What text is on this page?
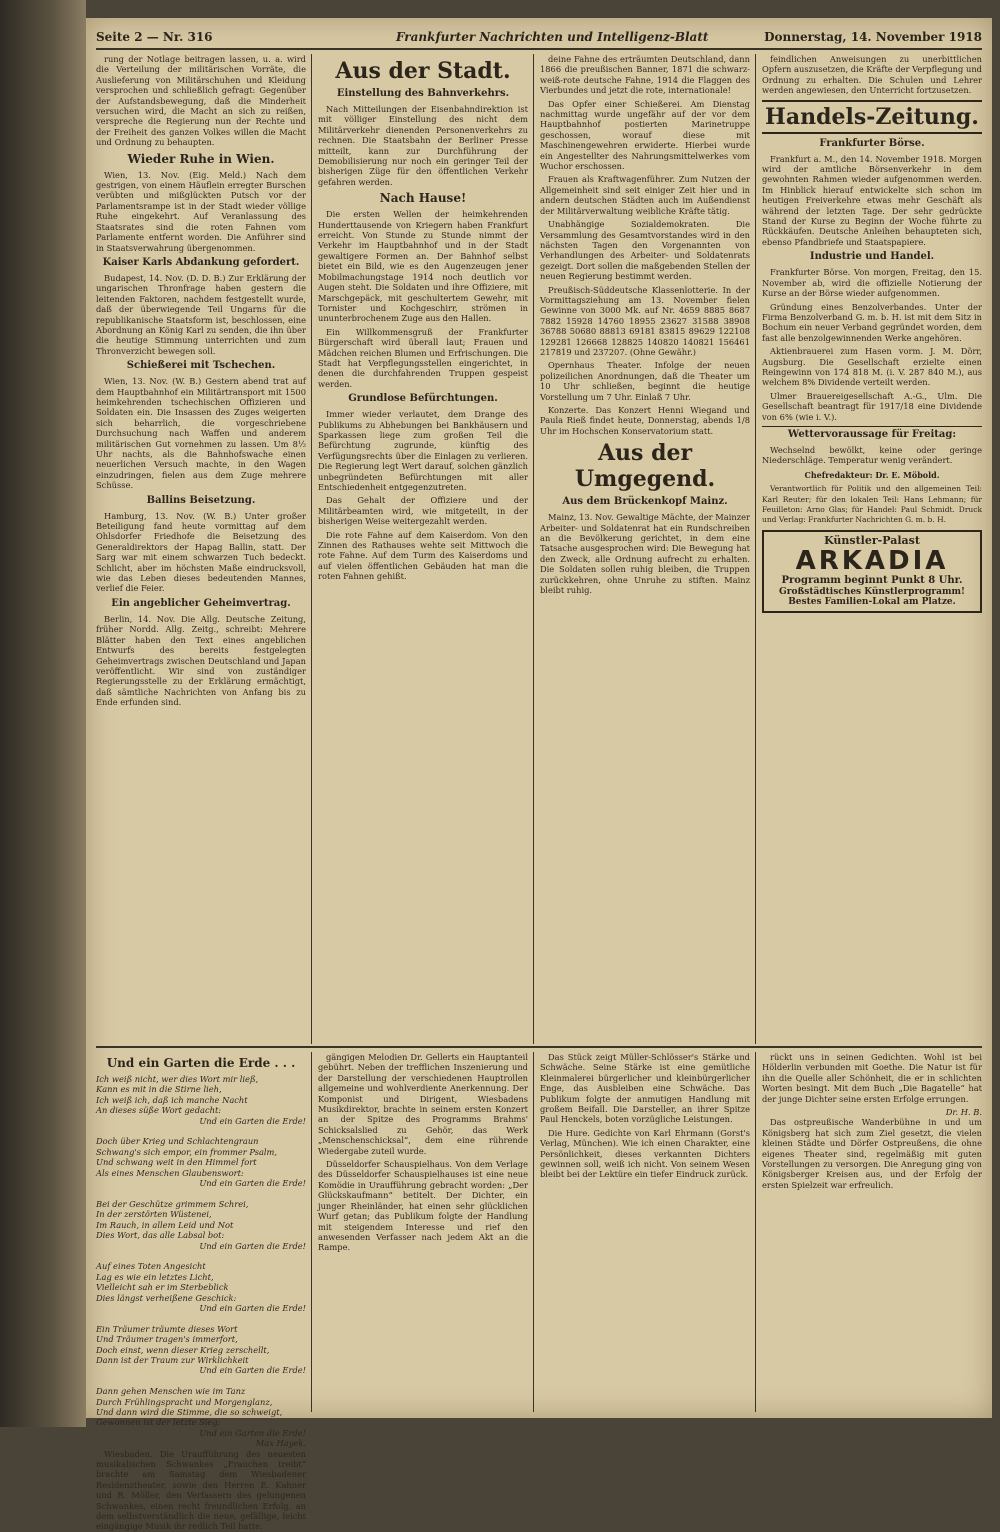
Seite 2 — Nr. 316	Frankfurter Nachrichten und Intelligenz-Blatt	Donnerstag, 14. November 1918

rung der Notlage beitragen lassen, u. a. wird die Verteilung der militärischen Vorräte, die Auslieferung von Militärschuhen und Kleidung versprochen und schließlich gefragt: Gegenüber der Aufstandsbewegung, daß die Minderheit versuchen wird, die Macht an sich zu reißen, verspreche die Regierung nun der Rechte und der Freiheit des ganzen Volkes willen die Macht und Ordnung zu behaupten.

Wieder Ruhe in Wien.

Wien, 13. Nov. (Eig. Meld.) Nach dem gestrigen, von einem Häuflein erregter Burschen verübten und mißglückten Putsch vor der Parlamentsrampe ist in der Stadt wieder völlige Ruhe eingekehrt. Auf Veranlassung des Staatsrates sind die roten Fahnen vom Parlamente entfernt worden. Die Anführer sind in Staatsverwahrung übergenommen.

Kaiser Karls Abdankung gefordert.

Budapest, 14. Nov. (D. D. B.) Zur Erklärung der ungarischen Thronfrage haben gestern die leitenden Faktoren, nachdem festgestellt wurde, daß der überwiegende Teil Ungarns für die republikanische Staatsform ist, beschlossen, eine Abordnung an König Karl zu senden, die ihn über die heutige Stimmung unterrichten und zum Thronverzicht bewegen soll.

Schießerei mit Tschechen.

Wien, 13. Nov. (W. B.) Gestern abend trat auf dem Hauptbahnhof ein Militärtransport mit 1500 heimkehrenden tschechischen Offizieren und Soldaten ein. Die Insassen des Zuges weigerten sich beharrlich, die vorgeschriebene Durchsuchung nach Waffen und anderem militärischen Gut vornehmen zu lassen. Um 8½ Uhr nachts, als die Bahnhofswache einen neuerlichen Versuch machte, in den Wagen einzudringen, fielen aus dem Zuge mehrere Schüsse.

Ballins Beisetzung.

Hamburg, 13. Nov. (W. B.) Unter großer Beteiligung fand heute vormittag auf dem Ohlsdorfer Friedhofe die Beisetzung des Generaldirektors der Hapag Ballin, statt. Der Sarg war mit einem schwarzen Tuch bedeckt. Schlicht, aber im höchsten Maße eindrucksvoll, wie das Leben dieses bedeutenden Mannes, verlief die Feier.

Ein angeblicher Geheimvertrag.

Berlin, 14. Nov. Die Allg. Deutsche Zeitung, früher Nordd. Allg. Zeitg., schreibt: Mehrere Blätter haben den Text eines angeblichen Entwurfs des bereits festgelegten Geheimvertrags zwischen Deutschland und Japan veröffentlicht. Wir sind von zuständiger Regierungsstelle zu der Erklärung ermächtigt, daß sämtliche Nachrichten von Anfang bis zu Ende erfunden sind.

Aus der Stadt.
Einstellung des Bahnverkehrs.

Nach Mitteilungen der Eisenbahndirektion ist mit völliger Einstellung des nicht dem Militärverkehr dienenden Personenverkehrs zu rechnen. Die Staatsbahn der Berliner Presse mitteilt, kann zur Durchführung der Demobilisierung nur noch ein geringer Teil der bisherigen Züge für den öffentlichen Verkehr gefahren werden.

Nach Hause!

Die ersten Wellen der heimkehrenden Hunderttausende von Kriegern haben Frankfurt erreicht. Von Stunde zu Stunde nimmt der Verkehr im Hauptbahnhof und in der Stadt gewaltigere Formen an. Der Bahnhof selbst bietet ein Bild, wie es den Augenzeugen jener Mobilmachungstage 1914 noch deutlich vor Augen steht. Die Soldaten und ihre Offiziere, mit Marschgepäck, mit geschultertem Gewehr, mit Tornister und Kochgeschirr, strömen in ununterbrochenem Zuge aus den Hallen.

Ein Willkommensgruß der Frankfurter Bürgerschaft wird überall laut; Frauen und Mädchen reichen Blumen und Erfrischungen. Die Stadt hat Verpflegungsstellen eingerichtet, in denen die durchfahrenden Truppen gespeist werden.

Grundlose Befürchtungen.

Immer wieder verlautet, dem Drange des Publikums zu Abhebungen bei Bankhäusern und Sparkassen liege zum großen Teil die Befürchtung zugrunde, künftig des Verfügungsrechts über die Einlagen zu verlieren. Die Regierung legt Wert darauf, solchen gänzlich unbegründeten Befürchtungen mit aller Entschiedenheit entgegenzutreten.

Das Gehalt der Offiziere und der Militärbeamten wird, wie mitgeteilt, in der bisherigen Weise weitergezahlt werden.

Die rote Fahne auf dem Kaiserdom. Von den Zinnen des Rathauses wehte seit Mittwoch die rote Fahne. Auf dem Turm des Kaiserdoms und auf vielen öffentlichen Gebäuden hat man die roten Fahnen gehißt.

deine Fahne des erträumten Deutschland, dann 1866 die preußischen Banner, 1871 die schwarz-weiß-rote deutsche Fahne, 1914 die Flaggen des Vierbundes und jetzt die rote, internationale!

Das Opfer einer Schießerei. Am Dienstag nachmittag wurde ungefähr auf der vor dem Hauptbahnhof postierten Marinetruppe geschossen, worauf diese mit Maschinengewehren erwiderte. Hierbei wurde ein Angestellter des Nahrungsmittelwerkes vom Wuchor erschossen.

Frauen als Kraftwagenführer. Zum Nutzen der Allgemeinheit sind seit einiger Zeit hier und in andern deutschen Städten auch im Außendienst der Militärverwaltung weibliche Kräfte tätig.

Unabhängige Sozialdemokraten. Die Versammlung des Gesamtvorstandes wird in den nächsten Tagen den Vorgenannten von Verhandlungen des Arbeiter- und Soldatenrats gezeigt. Dort sollen die maßgebenden Stellen der neuen Regierung bestimmt werden.

Preußisch-Süddeutsche Klassenlotterie. In der Vormittagsziehung am 13. November fielen Gewinne von 3000 Mk. auf Nr. 4659 8885 8687 7882 15928 14760 18955 23627 31588 38908 36788 50680 88813 69181 83815 89629 122108 129281 126668 128825 140820 140821 156461 217819 und 237207. (Ohne Gewähr.)

Opernhaus Theater. Infolge der neuen polizeilichen Anordnungen, daß die Theater um 10 Uhr schließen, beginnt die heutige Vorstellung um 7 Uhr. Einlaß 7 Uhr.

Konzerte. Das Konzert Henni Wiegand und Paula Rieß findet heute, Donnerstag, abends 1/8 Uhr im Hochschen Konservatorium statt.

Aus der Umgegend.
Aus dem Brückenkopf Mainz.

Mainz, 13. Nov. Gewaltige Mächte, der Mainzer Arbeiter- und Soldatenrat hat ein Rundschreiben an die Bevölkerung gerichtet, in dem eine Tatsache ausgesprochen wird: Die Bewegung hat den Zweck, alle Ordnung aufrecht zu erhalten. Die Soldaten sollen ruhig bleiben, die Truppen zurückkehren, ohne Unruhe zu stiften. Mainz bleibt ruhig.

feindlichen Anweisungen zu unerbittlichen Opfern auszusetzen, die Kräfte der Verpflegung und Ordnung zu erhalten. Die Schulen und Lehrer werden angewiesen, den Unterricht fortzusetzen.

Handels-Zeitung.
Frankfurter Börse.

Frankfurt a. M., den 14. November 1918. Morgen wird der amtliche Börsenverkehr in dem gewohnten Rahmen wieder aufgenommen werden. Im Hinblick hierauf entwickelte sich schon im heutigen Freiverkehre etwas mehr Geschäft als während der letzten Tage. Der sehr gedrückte Stand der Kurse zu Beginn der Woche führte zu Rückkäufen. Deutsche Anleihen behaupteten sich, ebenso Pfandbriefe und Staatspapiere.

Industrie und Handel.

Frankfurter Börse. Von morgen, Freitag, den 15. November ab, wird die offizielle Notierung der Kurse an der Börse wieder aufgenommen.

Gründung eines Benzolverbandes. Unter der Firma Benzolverband G. m. b. H. ist mit dem Sitz in Bochum ein neuer Verband gegründet worden, dem fast alle benzolgewinnenden Werke angehören.

Aktienbrauerei zum Hasen vorm. J. M. Dörr, Augsburg. Die Gesellschaft erzielte einen Reingewinn von 174 818 M. (i. V. 287 840 M.), aus welchem 8% Dividende verteilt werden.

Ulmer Brauereigesellschaft A.-G., Ulm. Die Gesellschaft beantragt für 1917/18 eine Dividende von 6% (wie i. V.).

Wettervoraussage für Freitag:

Wechselnd bewölkt, keine oder geringe Niederschläge. Temperatur wenig verändert.

Chefredakteur: Dr. E. Möbold.

Verantwortlich für Politik und den allgemeinen Teil: Karl Reuter; für den lokalen Teil: Hans Lehmann; für Feuilleton: Arno Glas; für Handel: Paul Schmidt. Druck und Verlag: Frankfurter Nachrichten G. m. b. H.

Künstler-Palast
ARKADIA
Programm beginnt Punkt 8 Uhr.
Großstädtisches Künstlerprogramm!
Bestes Familien-Lokal am Platze.
Und ein Garten die Erde . . .
Ich weiß nicht, wer dies Wort mir ließ,
Kann es mit in die Stirne lieh,
Ich weiß ich, daß ich manche Nacht
An dieses süße Wort gedacht:
Und ein Garten die Erde!

Doch über Krieg und Schlachtengraun
Schwang's sich empor, ein frommer Psalm,
Und schwang weit in den Himmel fort
Als eines Menschen Glaubenswort:
Und ein Garten die Erde!

Bei der Geschütze grimmem Schrei,
In der zerstörten Wüstenei,
Im Rauch, in allem Leid und Not
Dies Wort, das alle Labsal bot:
Und ein Garten die Erde!

Auf eines Toten Angesicht
Lag es wie ein letztes Licht,
Vielleicht sah er im Sterbeblick
Dies längst verheißene Geschick:
Und ein Garten die Erde!

Ein Träumer träumte dieses Wort
Und Träumer tragen's immerfort,
Doch einst, wenn dieser Krieg zerschellt,
Dann ist der Traum zur Wirklichkeit
Und ein Garten die Erde!

Dann gehen Menschen wie im Tanz
Durch Frühlingspracht und Morgenglanz,
Und dann wird die Stimme, die so schweigt,
Gewonnen ist der letzte Sieg:
Und ein Garten die Erde!
Max Hayek.

Wiesbaden. Die Uraufführung des neuesten musikalischen Schwankes „Frauchen treibt“ brachte am Samstag dem Wiesbadener Residenztheater, sowie den Herren E. Kahner und R. Möller, den Verfassern des gelungenen Schwankes, einen recht freundlichen Erfolg, an dem selbstverständlich die neue, gefällige, leicht eingängige Musik ihr redlich Teil hatte.

gängigen Melodien Dr. Gellerts ein Hauptanteil gebührt. Neben der trefflichen Inszenierung und der Darstellung der verschiedenen Hauptrollen allgemeine und wohlverdiente Anerkennung. Der Komponist und Dirigent, Wiesbadens Musikdirektor, brachte in seinem ersten Konzert an der Spitze des Programms Brahms' Schicksalslied zu Gehör, das Werk „Menschenschicksal“, dem eine rührende Wiedergabe zuteil wurde.

Düsseldorfer Schauspielhaus. Von dem Verlage des Düsseldorfer Schauspielhauses ist eine neue Komödie in Uraufführung gebracht worden: „Der Glückskaufmann“ betitelt. Der Dichter, ein junger Rheinländer, hat einen sehr glücklichen Wurf getan; das Publikum folgte der Handlung mit steigendem Interesse und rief den anwesenden Verfasser nach jedem Akt an die Rampe.

Das Stück zeigt Müller-Schlösser's Stärke und Schwäche. Seine Stärke ist eine gemütliche Kleinmalerei bürgerlicher und kleinbürgerlicher Enge, das Ausbleiben eine Schwäche. Das Publikum folgte der anmutigen Handlung mit großem Beifall. Die Darsteller, an ihrer Spitze Paul Henckels, boten vorzügliche Leistungen.

Die Hure. Gedichte von Karl Ehrmann (Gorst's Verlag, München). Wie ich einen Charakter, eine Persönlichkeit, dieses verkannten Dichters gewinnen soll, weiß ich nicht. Von seinem Wesen bleibt bei der Lektüre ein tiefer Eindruck zurück.

rückt uns in seinen Gedichten. Wohl ist bei Hölderlin verbunden mit Goethe. Die Natur ist für ihn die Quelle aller Schönheit, die er in schlichten Worten besingt. Mit dem Buch „Die Bagatelle“ hat der junge Dichter seine ersten Erfolge errungen.

Dr. H. B.

Das ostpreußische Wanderbühne in und um Königsberg hat sich zum Ziel gesetzt, die vielen kleinen Städte und Dörfer Ostpreußens, die ohne eigenes Theater sind, regelmäßig mit guten Vorstellungen zu versorgen. Die Anregung ging von Königsberger Kreisen aus, und der Erfolg der ersten Spielzeit war erfreulich.
